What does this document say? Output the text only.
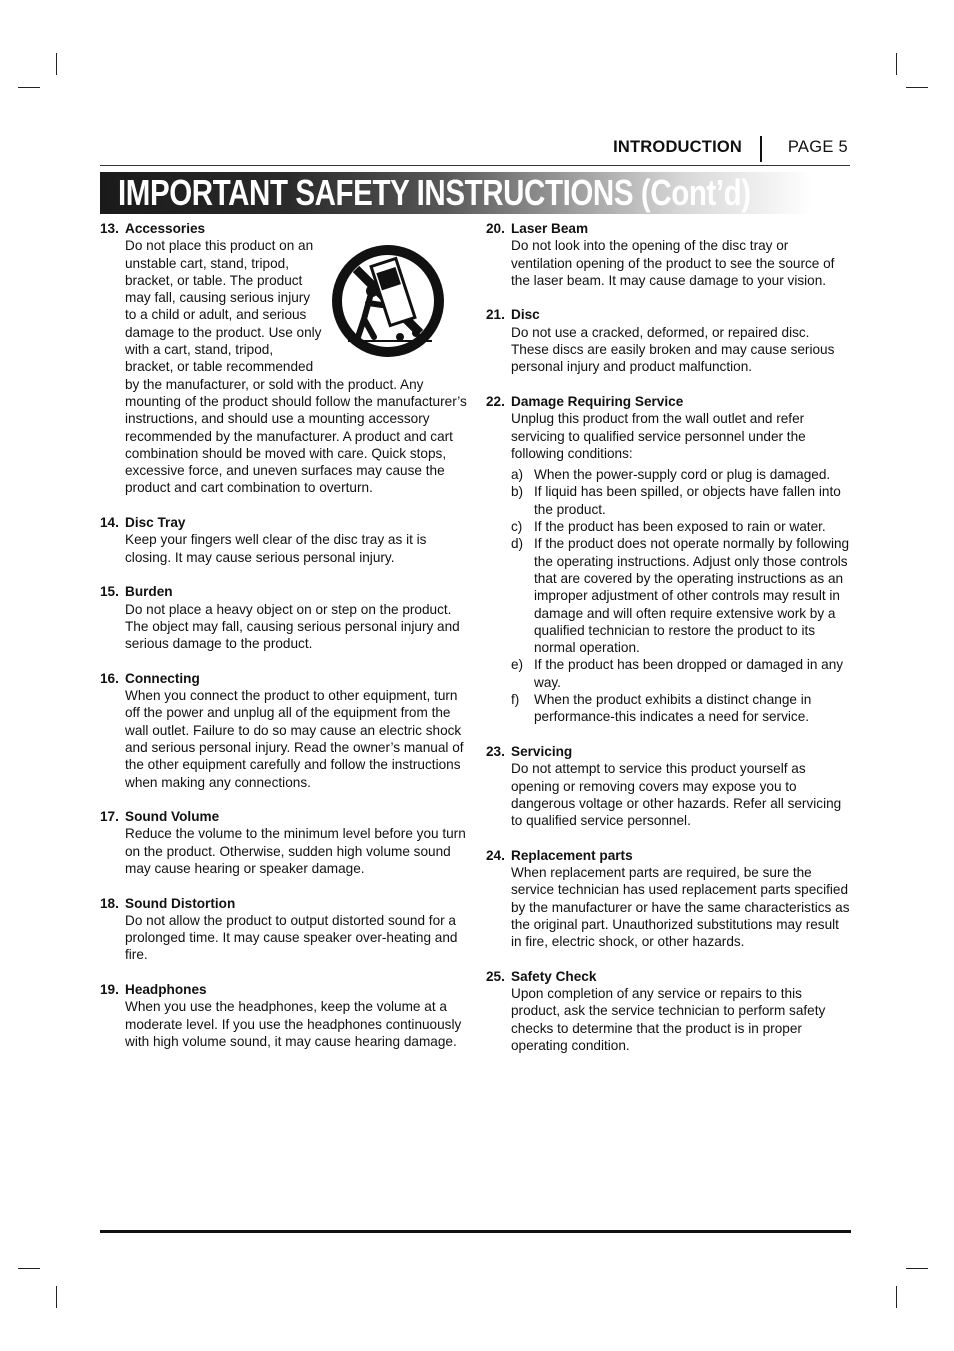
INTRODUCTION	PAGE 5
IMPORTANT SAFETY INSTRUCTIONS (Cont’d)
13. Accessories
Do not place this product on an unstable cart, stand, tripod, bracket, or table. The product may fall, causing serious injury to a child or adult, and serious damage to the product. Use only with a cart, stand, tripod, bracket, or table recommended by the manufacturer, or sold with the product. Any mounting of the product should follow the manufacturer’s instructions, and should use a mounting accessory recommended by the manufacturer. A product and cart combination should be moved with care. Quick stops, excessive force, and uneven surfaces may cause the product and cart combination to overturn.
14. Disc Tray
Keep your fingers well clear of the disc tray as it is closing. It may cause serious personal injury.
15. Burden
Do not place a heavy object on or step on the product. The object may fall, causing serious personal injury and serious damage to the product.
16. Connecting
When you connect the product to other equipment, turn off the power and unplug all of the equipment from the wall outlet. Failure to do so may cause an electric shock and serious personal injury. Read the owner’s manual of the other equipment carefully and follow the instructions when making any connections.
17. Sound Volume
Reduce the volume to the minimum level before you turn on the product. Otherwise, sudden high volume sound may cause hearing or speaker damage.
18. Sound Distortion
Do not allow the product to output distorted sound for a prolonged time. It may cause speaker over-heating and fire.
19. Headphones
When you use the headphones, keep the volume at a moderate level. If you use the headphones continuously with high volume sound, it may cause hearing damage.
20. Laser Beam
Do not look into the opening of the disc tray or ventilation opening of the product to see the source of the laser beam. It may cause damage to your vision.
21. Disc
Do not use a cracked, deformed, or repaired disc. These discs are easily broken and may cause serious personal injury and product malfunction.
22. Damage Requiring Service
Unplug this product from the wall outlet and refer servicing to qualified service personnel under the following conditions:
a) When the power-supply cord or plug is damaged.
b) If liquid has been spilled, or objects have fallen into the product.
c) If the product has been exposed to rain or water.
d) If the product does not operate normally by following the operating instructions. Adjust only those controls that are covered by the operating instructions as an improper adjustment of other controls may result in damage and will often require extensive work by a qualified technician to restore the product to its normal operation.
e) If the product has been dropped or damaged in any way.
f)	When the product exhibits a distinct change in performance-this indicates a need for service.
23. Servicing
Do not attempt to service this product yourself as opening or removing covers may expose you to dangerous voltage or other hazards. Refer all servicing to qualified service personnel.
24. Replacement parts
When replacement parts are required, be sure the service technician has used replacement parts specified by the manufacturer or have the same characteristics as the original part. Unauthorized substitutions may result in fire, electric shock, or other hazards.
25. Safety Check
Upon completion of any service or repairs to this product, ask the service technician to perform safety checks to determine that the product is in proper operating condition.
